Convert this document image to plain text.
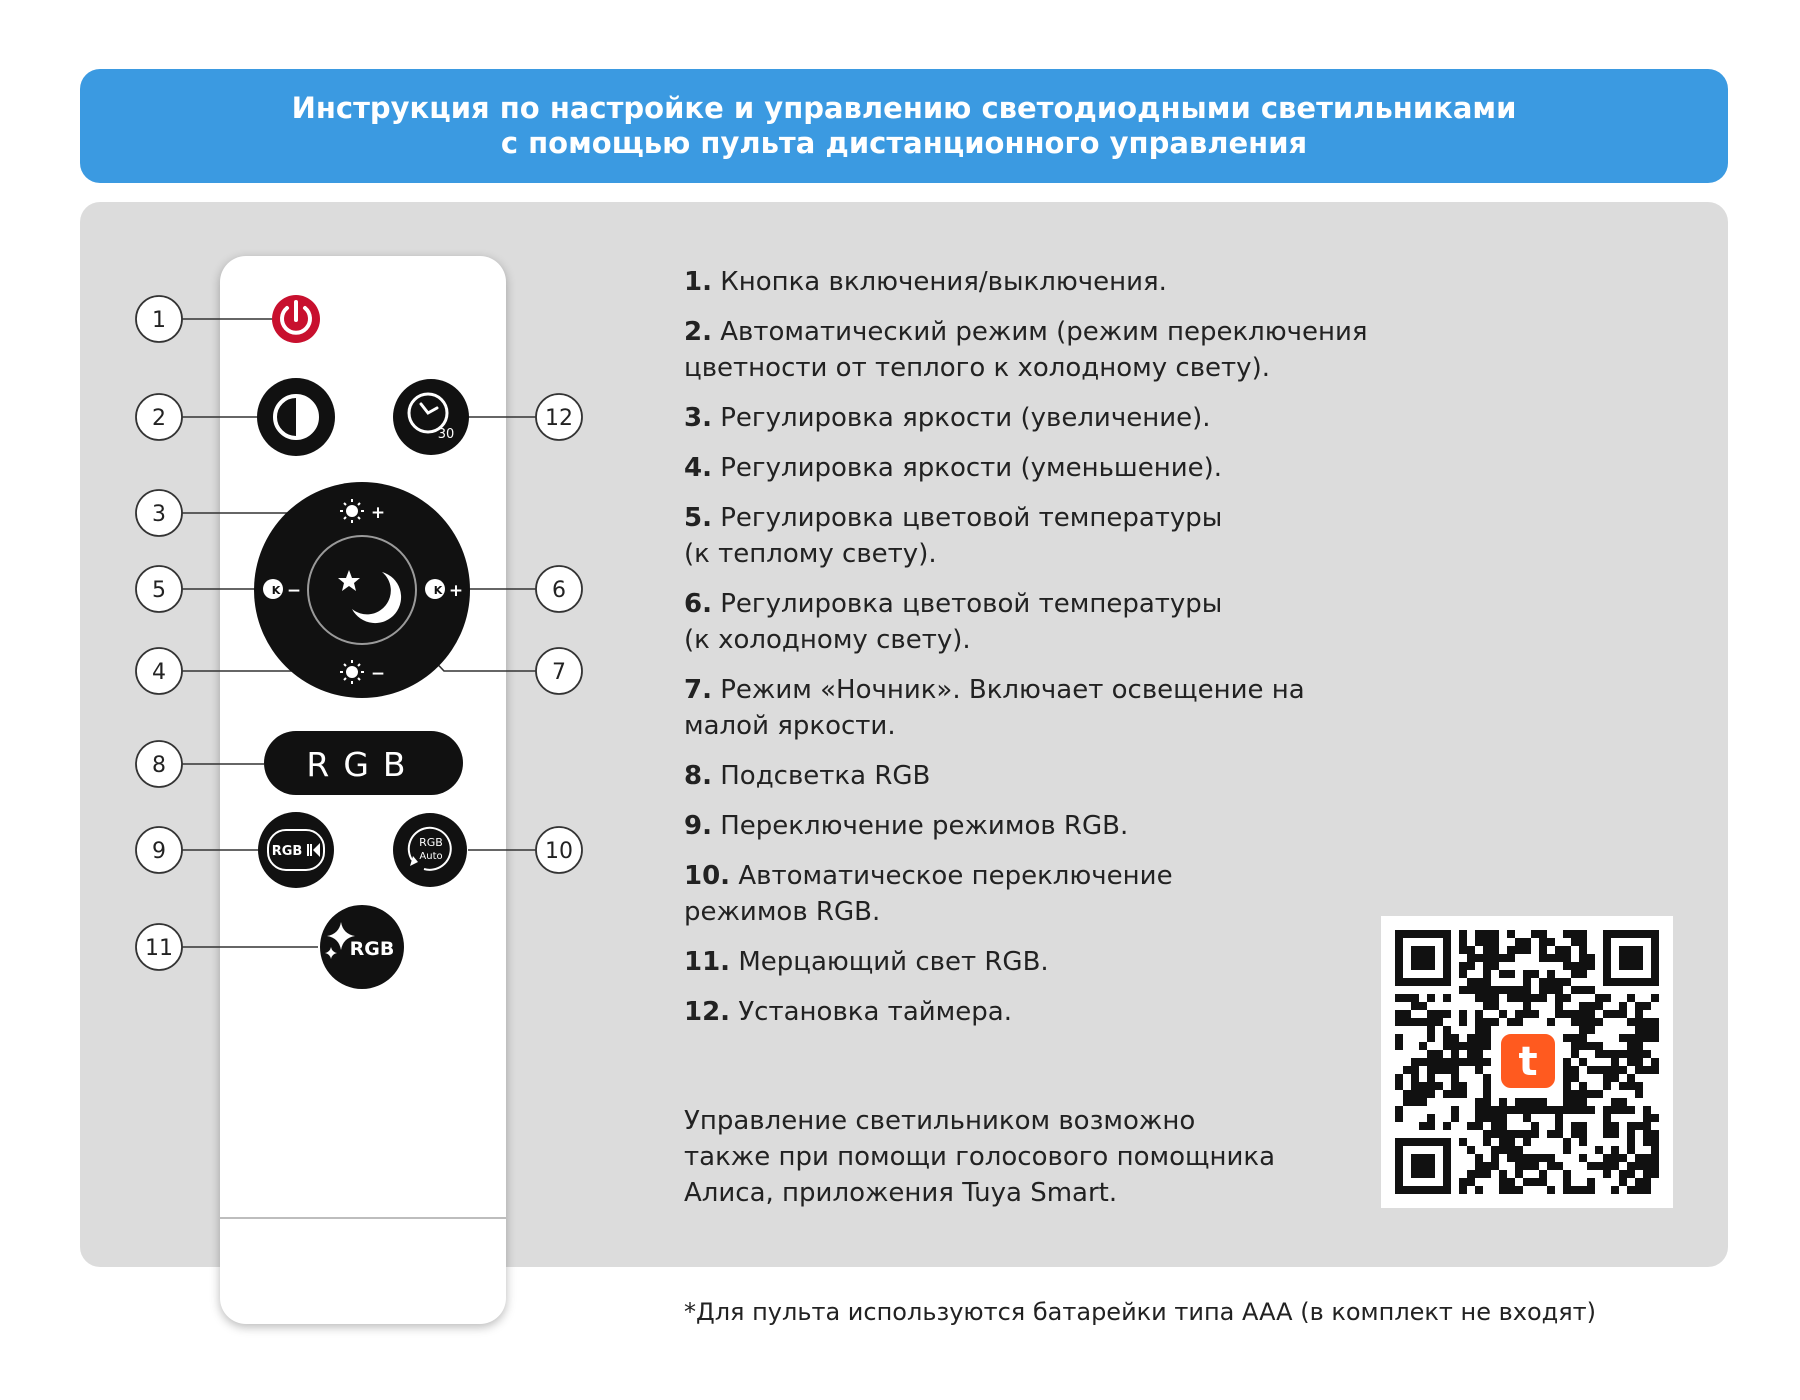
Инструкция по настройке и управлению светодиодными светильниками
с помощью пульта дистанционного управления
1
2
3
4
5	6
7
8
9	10
11
12
30
+
−
K −	K +
RGB
RGB
RGB
Auto
RGB
1. Кнопка включения/выключения.
2. Автоматический режим (режим переключения
цветности от теплого к холодному свету).
3. Регулировка яркости (увеличение).
4. Регулировка яркости (уменьшение).
5. Регулировка цветовой температуры
(к теплому свету).
6. Регулировка цветовой температуры
(к холодному свету).
7. Режим «Ночник». Включает освещение на
малой яркости.
8. Подсветка RGB
9. Переключение режимов RGB.
10. Автоматическое переключение
режимов RGB.
11. Мерцающий свет RGB.
12. Установка таймера.
Управление светильником возможно
также при помощи голосового помощника
Алиса, приложения Tuya Smart.
t
*Для пульта используются батарейки типа AAA (в комплект не входят)
